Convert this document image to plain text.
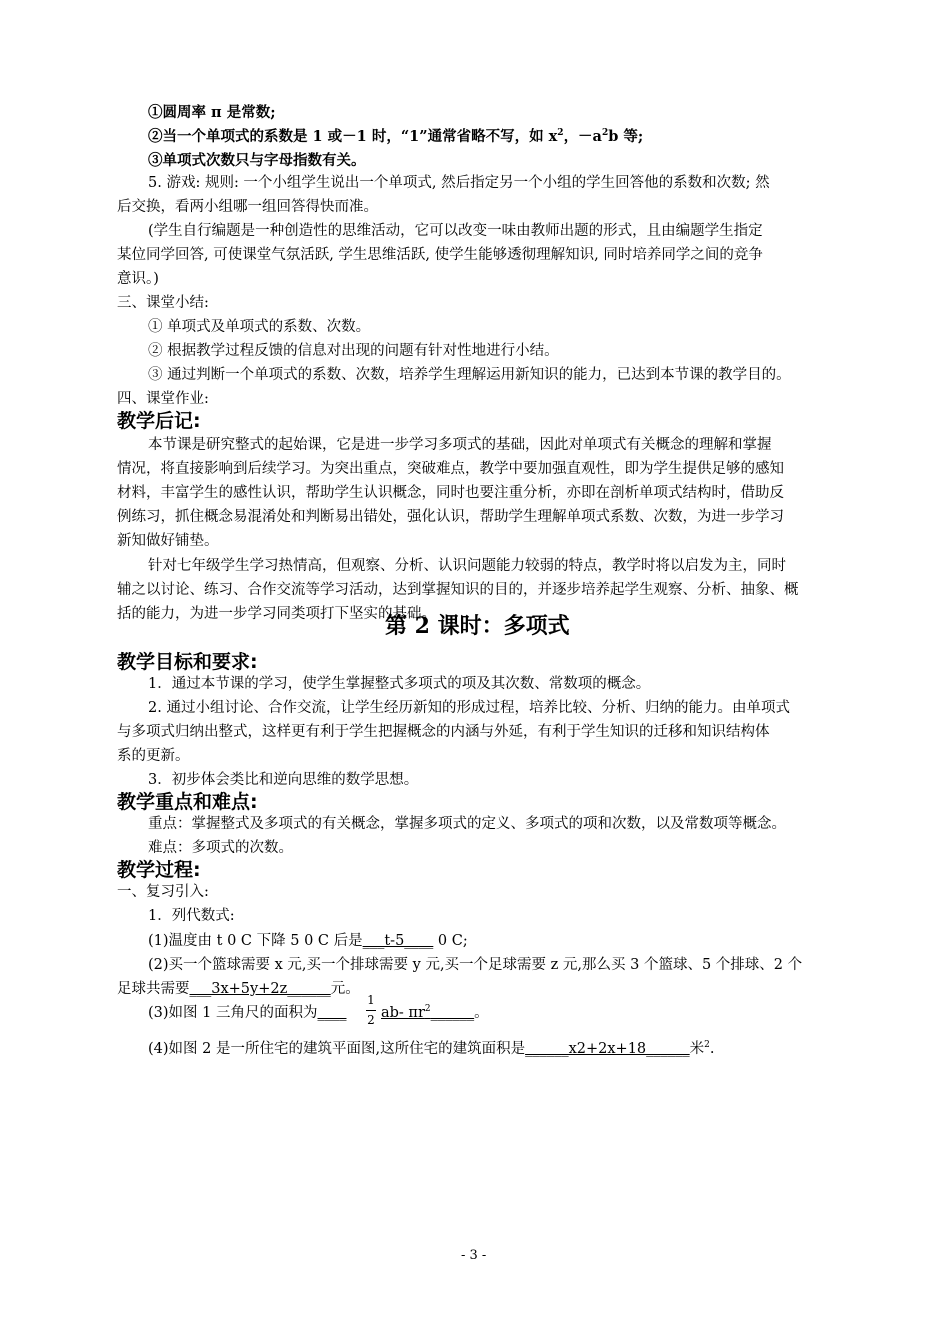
①圆周率 π 是常数;
②当一个单项式的系数是 1 或－1 时，“1”通常省略不写，如 $x^2$，$-a^2b$ 等;
③单项式次数只与字母指数有关。
5. 游戏: 规则: 一个小组学生说出一个单项式, 然后指定另一个小组的学生回答他的系数和次数; 然
后交换，看两小组哪一组回答得快而准。
(学生自行编题是一种创造性的思维活动，它可以改变一味由教师出题的形式，且由编题学生指定
某位同学回答, 可使课堂气氛活跃, 学生思维活跃, 使学生能够透彻理解知识, 同时培养同学之间的竞争
意识。)
三、课堂小结:
① 单项式及单项式的系数、次数。
② 根据教学过程反馈的信息对出现的问题有针对性地进行小结。
③ 通过判断一个单项式的系数、次数，培养学生理解运用新知识的能力，已达到本节课的教学目的。
四、课堂作业:
教学后记:
本节课是研究整式的起始课，它是进一步学习多项式的基础，因此对单项式有关概念的理解和掌握
情况，将直接影响到后续学习。为突出重点，突破难点，教学中要加强直观性，即为学生提供足够的感知
材料，丰富学生的感性认识，帮助学生认识概念，同时也要注重分析，亦即在剖析单项式结构时，借助反
例练习，抓住概念易混淆处和判断易出错处，强化认识，帮助学生理解单项式系数、次数，为进一步学习
新知做好铺垫。
针对七年级学生学习热情高，但观察、分析、认识问题能力较弱的特点，教学时将以启发为主，同时
辅之以讨论、练习、合作交流等学习活动，达到掌握知识的目的，并逐步培养起学生观察、分析、抽象、概
括的能力，为进一步学习同类项打下坚实的基础。
第 2 课时：多项式
教学目标和要求:
1．通过本节课的学习，使学生掌握整式多项式的项及其次数、常数项的概念。
2. 通过小组讨论、合作交流，让学生经历新知的形成过程，培养比较、分析、归纳的能力。由单项式
与多项式归纳出整式，这样更有利于学生把握概念的内涵与外延，有利于学生知识的迁移和知识结构体
系的更新。
3．初步体会类比和逆向思维的数学思想。
教学重点和难点:
重点：掌握整式及多项式的有关概念，掌握多项式的定义、多项式的项和次数，以及常数项等概念。
难点：多项式的次数。
教学过程:
一、复习引入:
1．列代数式:
(1)温度由 t 0 C 下降 5 0 C 后是___t-5____ 0 C;
(2)买一个篮球需要 x 元,买一个排球需要 y 元,买一个足球需要 z 元,那么买 3 个篮球、5 个排球、2 个
足球共需要___3x+5y+2z______元。
(3)如图 1 三角尺的面积为____
1
2 ab- $\pi r^2\_\_\_\_\_\_$。
(4)如图 2 是一所住宅的建筑平面图,这所住宅的建筑面积是______x2+2x+18______米$^2$.
- 3 -
